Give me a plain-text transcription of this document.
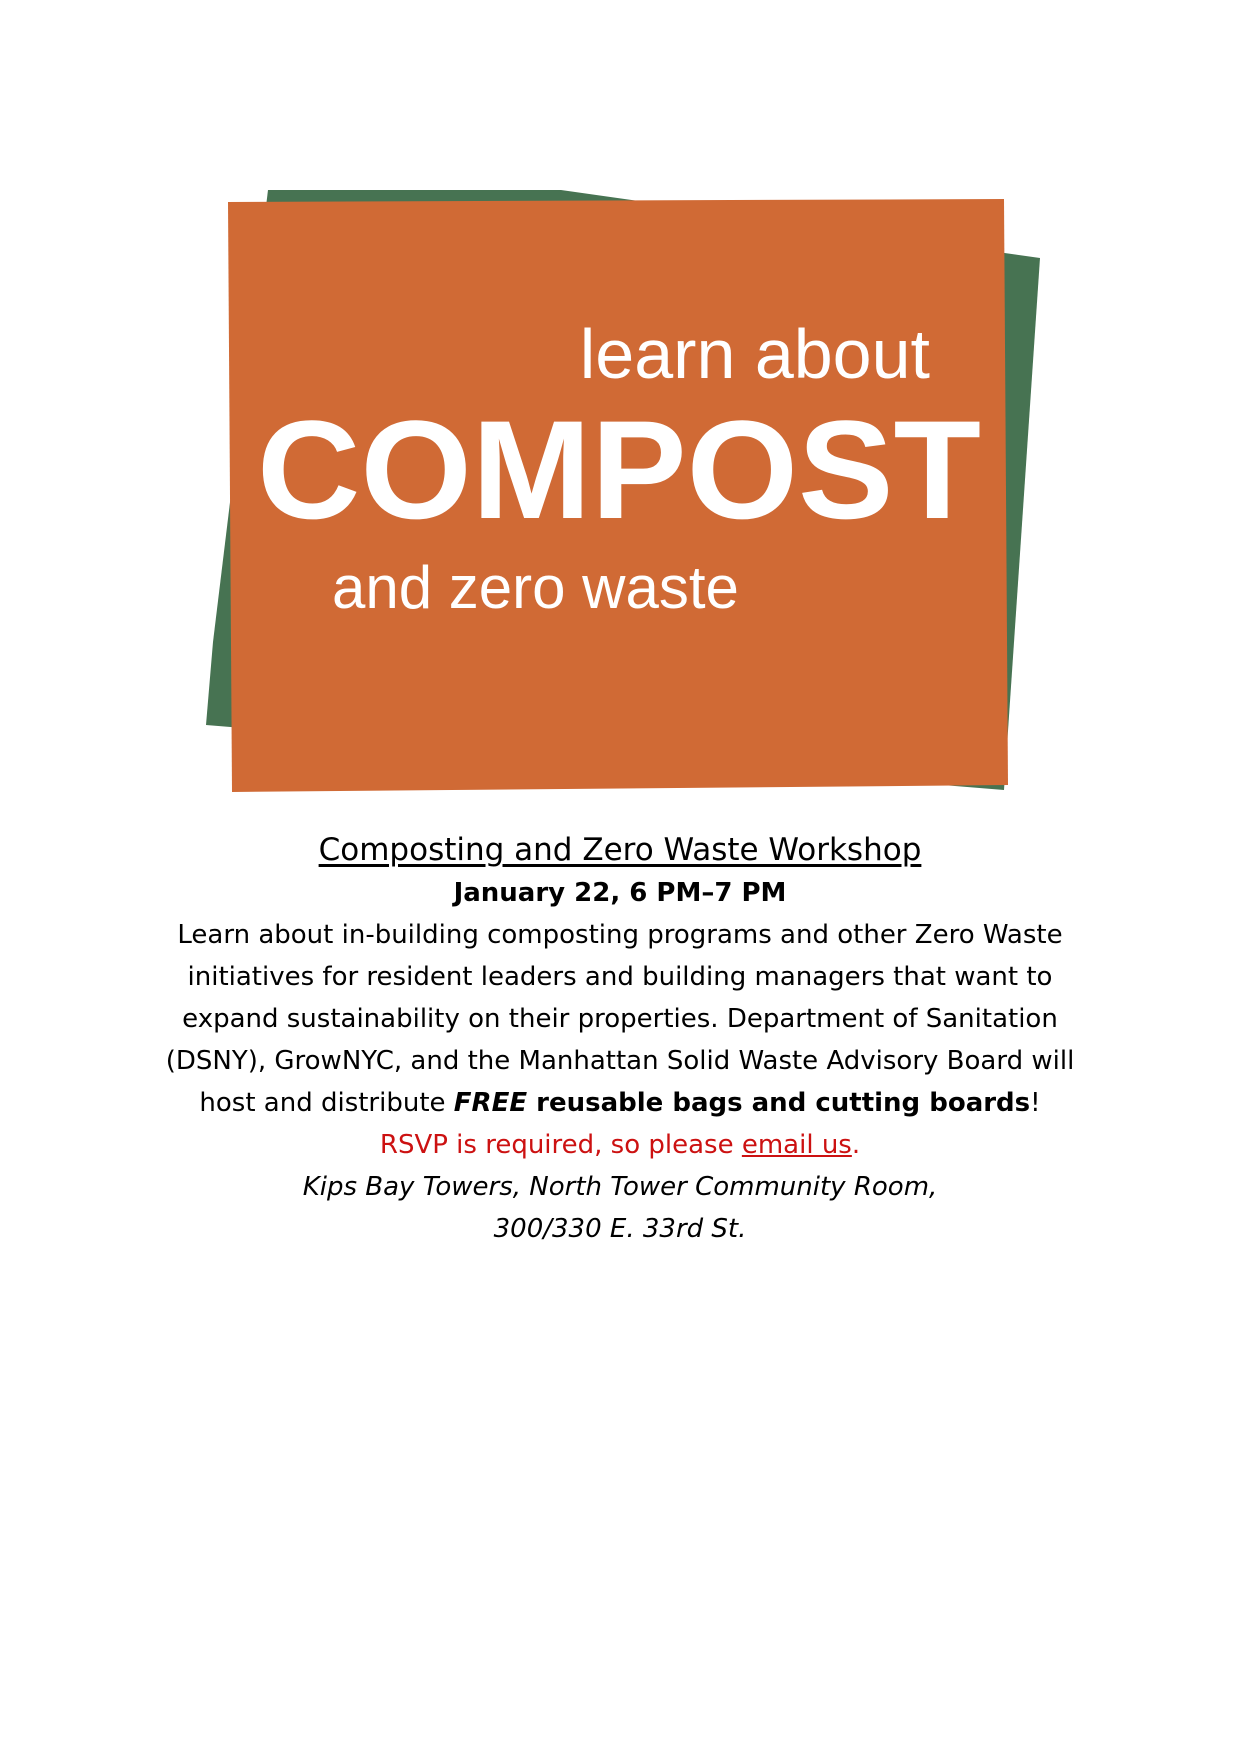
learn about
COMPOST
and zero waste
Composting and Zero Waste Workshop
January 22, 6 PM–7 PM
Learn about in-building composting programs and other Zero Waste initiatives for resident leaders and building managers that want to expand sustainability on their properties. Department of Sanitation (DSNY), GrowNYC, and the Manhattan Solid Waste Advisory Board will host and distribute FREE reusable bags and cutting boards!
RSVP is required, so please email us.
Kips Bay Towers, North Tower Community Room,
300/330 E. 33rd St.
